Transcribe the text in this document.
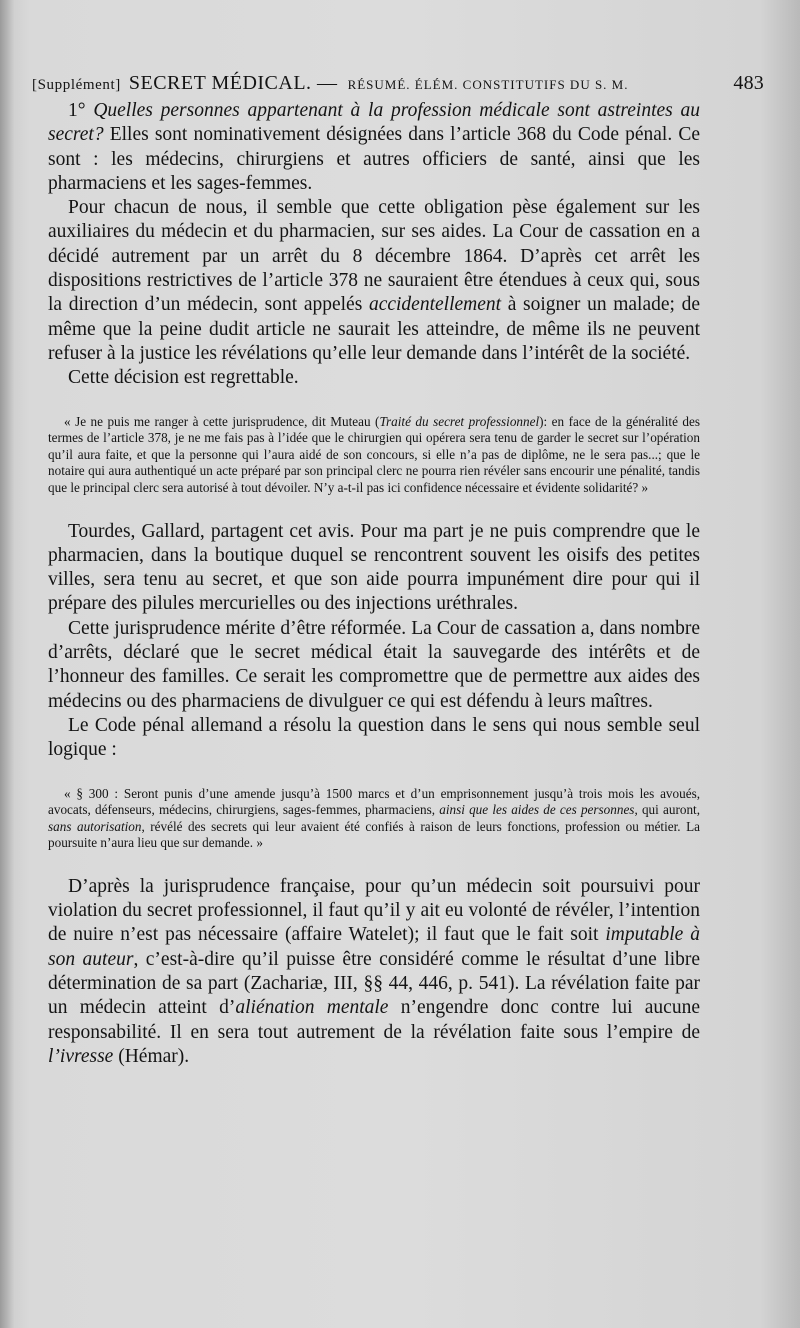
[Supplément] SECRET MÉDICAL. — RÉSUMÉ. ÉLÉM. CONSTITUTIFS DU S. M.	483

1° Quelles personnes appartenant à la profession médicale sont astreintes au secret? Elles sont nominativement désignées dans l’article 368 du Code pénal. Ce sont : les médecins, chirurgiens et autres officiers de santé, ainsi que les pharmaciens et les sages-femmes.

Pour chacun de nous, il semble que cette obligation pèse également sur les auxiliaires du médecin et du pharmacien, sur ses aides. La Cour de cassation en a décidé autrement par un arrêt du 8 décembre 1864. D’après cet arrêt les dispositions restrictives de l’article 378 ne sauraient être étendues à ceux qui, sous la direction d’un médecin, sont appelés accidentellement à soigner un malade; de même que la peine dudit article ne saurait les atteindre, de même ils ne peuvent refuser à la justice les révélations qu’elle leur demande dans l’intérêt de la société.

Cette décision est regrettable.

« Je ne puis me ranger à cette jurisprudence, dit Muteau (Traité du secret professionnel): en face de la généralité des termes de l’article 378, je ne me fais pas à l’idée que le chirurgien qui opérera sera tenu de garder le secret sur l’opération qu’il aura faite, et que la personne qui l’aura aidé de son concours, si elle n’a pas de diplôme, ne le sera pas...; que le notaire qui aura authentiqué un acte préparé par son principal clerc ne pourra rien révéler sans encourir une pénalité, tandis que le principal clerc sera autorisé à tout dévoiler. N’y a-t-il pas ici confidence nécessaire et évidente solidarité? »

Tourdes, Gallard, partagent cet avis. Pour ma part je ne puis comprendre que le pharmacien, dans la boutique duquel se rencontrent souvent les oisifs des petites villes, sera tenu au secret, et que son aide pourra impunément dire pour qui il prépare des pilules mercurielles ou des injections uréthrales.

Cette jurisprudence mérite d’être réformée. La Cour de cassation a, dans nombre d’arrêts, déclaré que le secret médical était la sauvegarde des intérêts et de l’honneur des familles. Ce serait les compromettre que de permettre aux aides des médecins ou des pharmaciens de divulguer ce qui est défendu à leurs maîtres.

Le Code pénal allemand a résolu la question dans le sens qui nous semble seul logique :

« § 300 : Seront punis d’une amende jusqu’à 1500 marcs et d’un emprisonnement jusqu’à trois mois les avoués, avocats, défenseurs, médecins, chirurgiens, sages-femmes, pharmaciens, ainsi que les aides de ces personnes, qui auront, sans autorisation, révélé des secrets qui leur avaient été confiés à raison de leurs fonctions, profession ou métier. La poursuite n’aura lieu que sur demande. »

D’après la jurisprudence française, pour qu’un médecin soit poursuivi pour violation du secret professionnel, il faut qu’il y ait eu volonté de révéler, l’intention de nuire n’est pas nécessaire (affaire Watelet); il faut que le fait soit imputable à son auteur, c’est-à-dire qu’il puisse être considéré comme le résultat d’une libre détermination de sa part (Zachariæ, III, §§ 44, 446, p. 541). La révélation faite par un médecin atteint d’aliénation mentale n’engendre donc contre lui aucune responsabilité. Il en sera tout autrement de la révélation faite sous l’empire de l’ivresse (Hémar).
